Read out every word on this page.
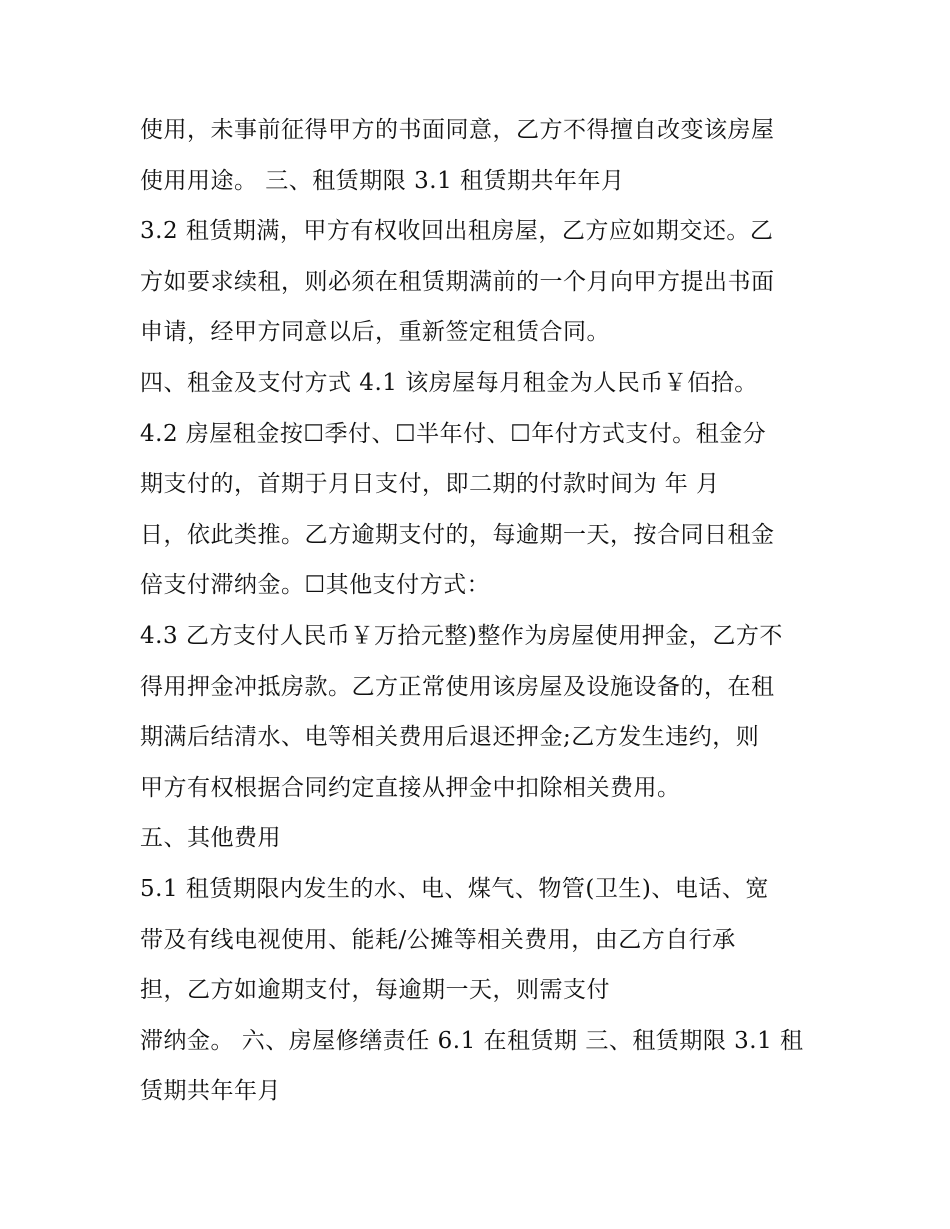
使用，未事前征得甲方的书面同意，乙方不得擅自改变该房屋
使用用途。 三、租赁期限 3.1 租赁期共年年月
3.2 租赁期满，甲方有权收回出租房屋，乙方应如期交还。乙
方如要求续租，则必须在租赁期满前的一个月向甲方提出书面
申请，经甲方同意以后，重新签定租赁合同。
四、租金及支付方式 4.1 该房屋每月租金为人民币￥佰拾。
4.2 房屋租金按☐季付、☐半年付、☐年付方式支付。租金分
期支付的，首期于月日支付，即二期的付款时间为 年 月
日，依此类推。乙方逾期支付的，每逾期一天，按合同日租金
倍支付滞纳金。☐其他支付方式：
4.3 乙方支付人民币￥万拾元整)整作为房屋使用押金，乙方不
得用押金冲抵房款。乙方正常使用该房屋及设施设备的，在租
期满后结清水、电等相关费用后退还押金;乙方发生违约，则
甲方有权根据合同约定直接从押金中扣除相关费用。
五、其他费用
5.1 租赁期限内发生的水、电、煤气、物管(卫生)、电话、宽
带及有线电视使用、能耗/公摊等相关费用，由乙方自行承
担，乙方如逾期支付，每逾期一天，则需支付
滞纳金。 六、房屋修缮责任 6.1 在租赁期 三、租赁期限 3.1 租
赁期共年年月
